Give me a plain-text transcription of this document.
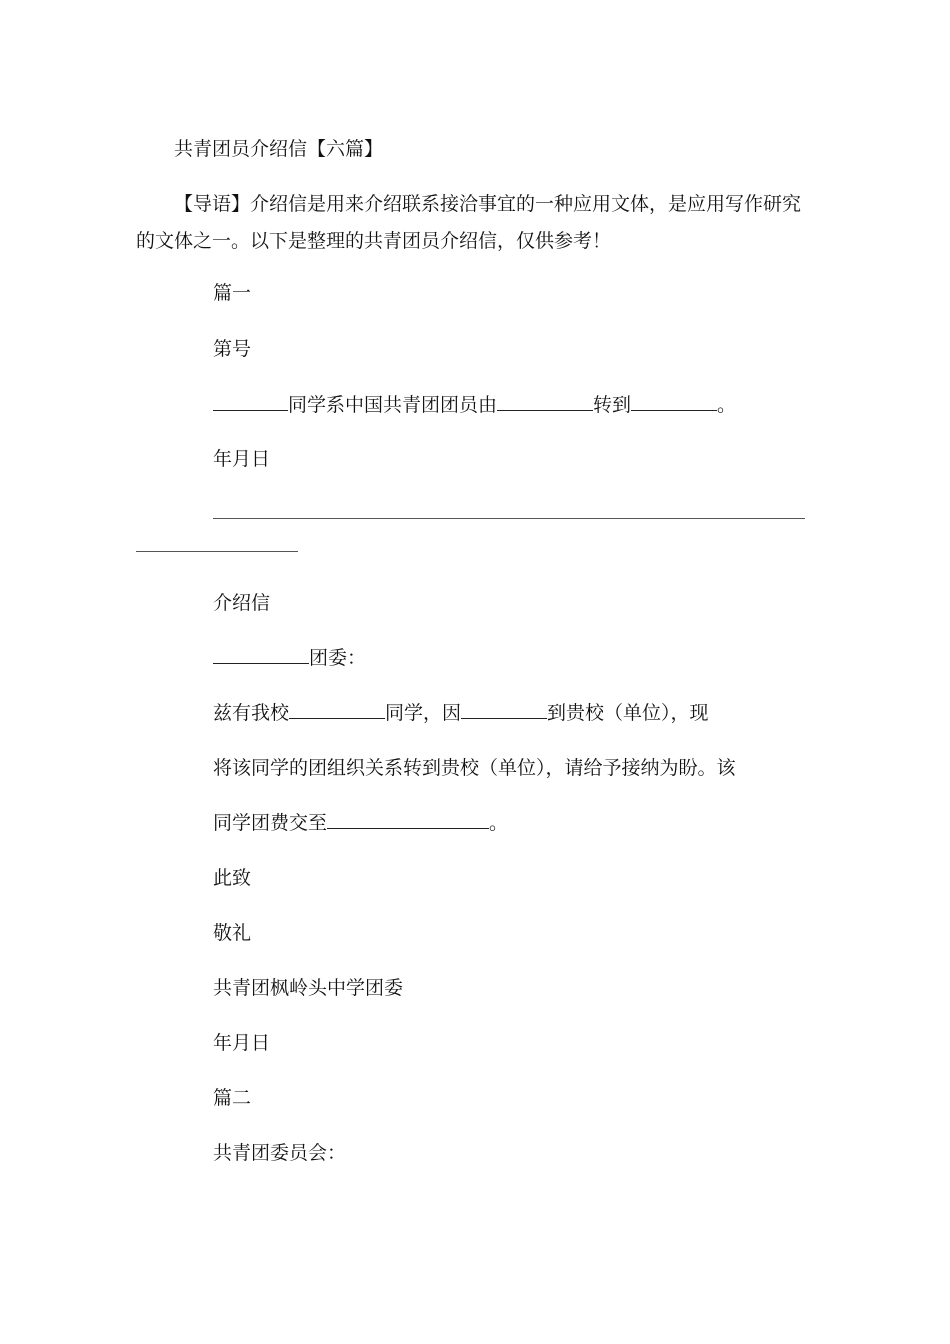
共青团员介绍信【六篇】
【导语】介绍信是用来介绍联系接洽事宜的一种应用文体，是应用写作研究
的文体之一。以下是整理的共青团员介绍信，仅供参考！
篇一
第号
同学系中国共青团团员由	转到	。
年月日
介绍信
团委：
兹有我校	同学，因	到贵校（单位），现
将该同学的团组织关系转到贵校（单位），请给予接纳为盼。该
同学团费交至	。
此致
敬礼
共青团枫岭头中学团委
年月日
篇二
共青团委员会：
